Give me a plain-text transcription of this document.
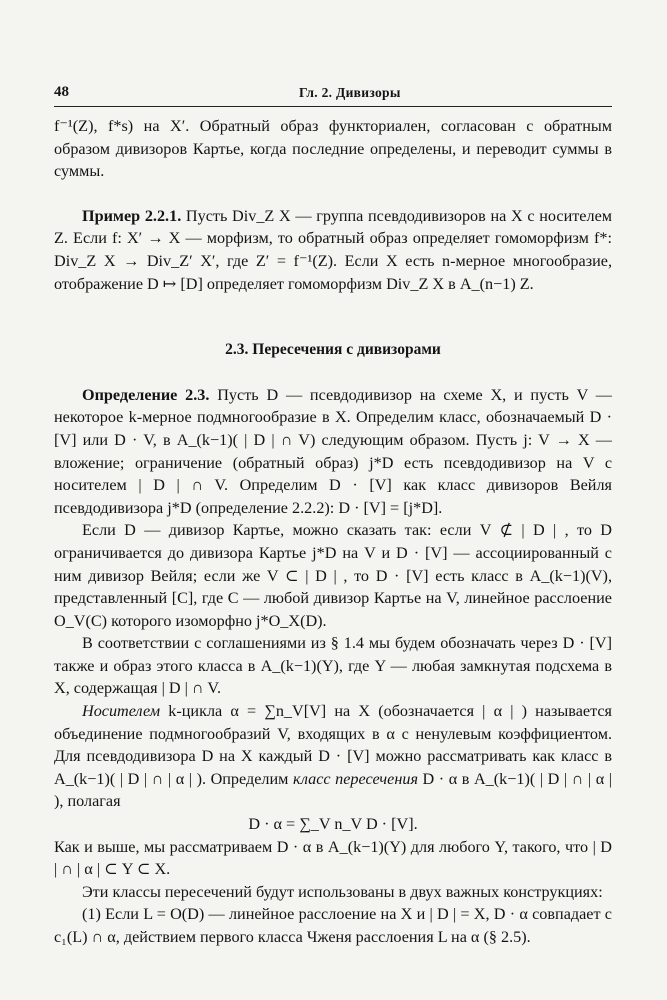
48	Гл. 2. Дивизоры

f⁻¹(Z), f*s) на X′. Обратный образ функториален, согласован с обратным образом дивизоров Картье, когда последние определены, и переводит суммы в суммы.

Пример 2.2.1. Пусть Div_Z X — группа псевдодивизоров на X с носителем Z. Если f: X′ → X — морфизм, то обратный образ определяет гомоморфизм f*: Div_Z X → Div_Z′ X′, где Z′ = f⁻¹(Z). Если X есть n-мерное многообразие, отображение D ↦ [D] определяет гомоморфизм Div_Z X в A_(n−1) Z.

2.3. Пересечения с дивизорами

Определение 2.3. Пусть D — псевдодивизор на схеме X, и пусть V — некоторое k-мерное подмногообразие в X. Определим класс, обозначаемый D · [V] или D · V, в A_(k−1)( | D | ∩ V) следующим образом. Пусть j: V → X — вложение; ограничение (обратный образ) j*D есть псевдодивизор на V с носителем | D | ∩ V. Определим D · [V] как класс дивизоров Вейля псевдодивизора j*D (определение 2.2.2): D · [V] = [j*D].

Если D — дивизор Картье, можно сказать так: если V ⊄ | D | , то D ограничивается до дивизора Картье j*D на V и D · [V] — ассоциированный с ним дивизор Вейля; если же V ⊂ | D | , то D · [V] есть класс в A_(k−1)(V), представленный [C], где C — любой дивизор Картье на V, линейное расслоение O_V(C) которого изоморфно j*O_X(D).

В соответствии с соглашениями из § 1.4 мы будем обозначать через D · [V] также и образ этого класса в A_(k−1)(Y), где Y — любая замкнутая подсхема в X, содержащая | D | ∩ V.

Носителем k-цикла α = ∑n_V[V] на X (обозначается | α | ) называется объединение подмногообразий V, входящих в α с ненулевым коэффициентом. Для псевдодивизора D на X каждый D · [V] можно рассматривать как класс в A_(k−1)( | D | ∩ | α | ). Определим класс пересечения D · α в A_(k−1)( | D | ∩ | α | ), полагая

D · α = ∑_V n_V D · [V].

Как и выше, мы рассматриваем D · α в A_(k−1)(Y) для любого Y, такого, что | D | ∩ | α | ⊂ Y ⊂ X.

Эти классы пересечений будут использованы в двух важных конструкциях:

(1) Если L = O(D) — линейное расслоение на X и | D | = X, D · α совпадает с c₁(L) ∩ α, действием первого класса Чженя расслоения L на α (§ 2.5).
